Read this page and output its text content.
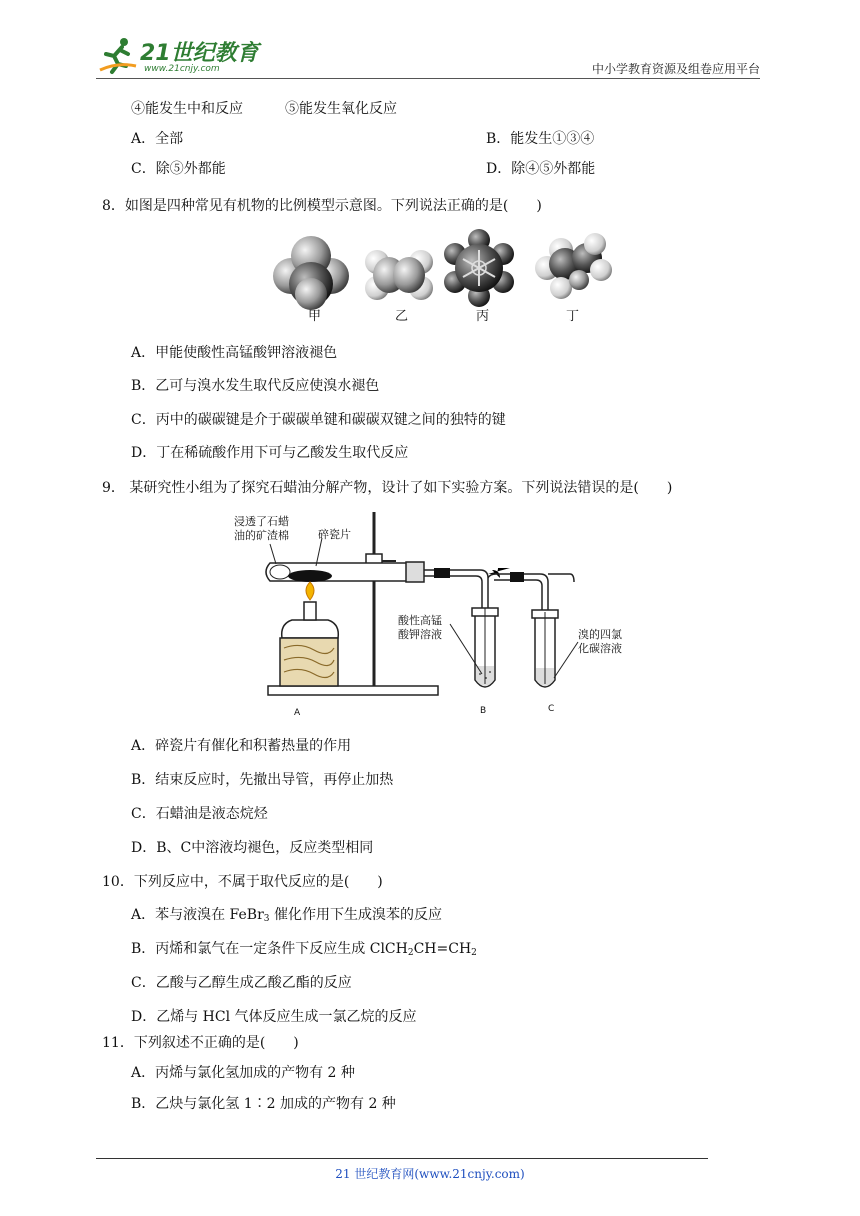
21世纪教育
www.21cnjy.com	中小学教育资源及组卷应用平台
④能发生中和反应　　　⑤能发生氧化反应
A．全部	B．能发生①③④
C．除⑤外都能	D．除④⑤外都能
8．如图是四种常见有机物的比例模型示意图。下列说法正确的是(　　)
甲	乙	丙	丁
A．甲能使酸性高锰酸钾溶液褪色
B．乙可与溴水发生取代反应使溴水褪色
C．丙中的碳碳键是介于碳碳单键和碳碳双键之间的独特的键
D．丁在稀硫酸作用下可与乙酸发生取代反应
9． 某研究性小组为了探究石蜡油分解产物，设计了如下实验方案。下列说法错误的是(　　)
浸透了石蜡
油的矿渣棉	碎瓷片
酸性高锰
酸钾溶液	溴的四氯
化碳溶液
A	B	C
A．碎瓷片有催化和积蓄热量的作用
B．结束反应时，先撤出导管，再停止加热
C．石蜡油是液态烷烃
D．B、C中溶液均褪色，反应类型相同
10．下列反应中，不属于取代反应的是(　　)
A．苯与液溴在 FeBr$_3$ 催化作用下生成溴苯的反应
B．丙烯和氯气在一定条件下反应生成 $ClCH_2CH=CH_2$
C．乙酸与乙醇生成乙酸乙酯的反应
D．乙烯与 HCl 气体反应生成一氯乙烷的反应
11．下列叙述不正确的是(　　)
A．丙烯与氯化氢加成的产物有 2 种
B．乙炔与氯化氢 1∶2 加成的产物有 2 种
21 世纪教育网(www.21cnjy.com)
